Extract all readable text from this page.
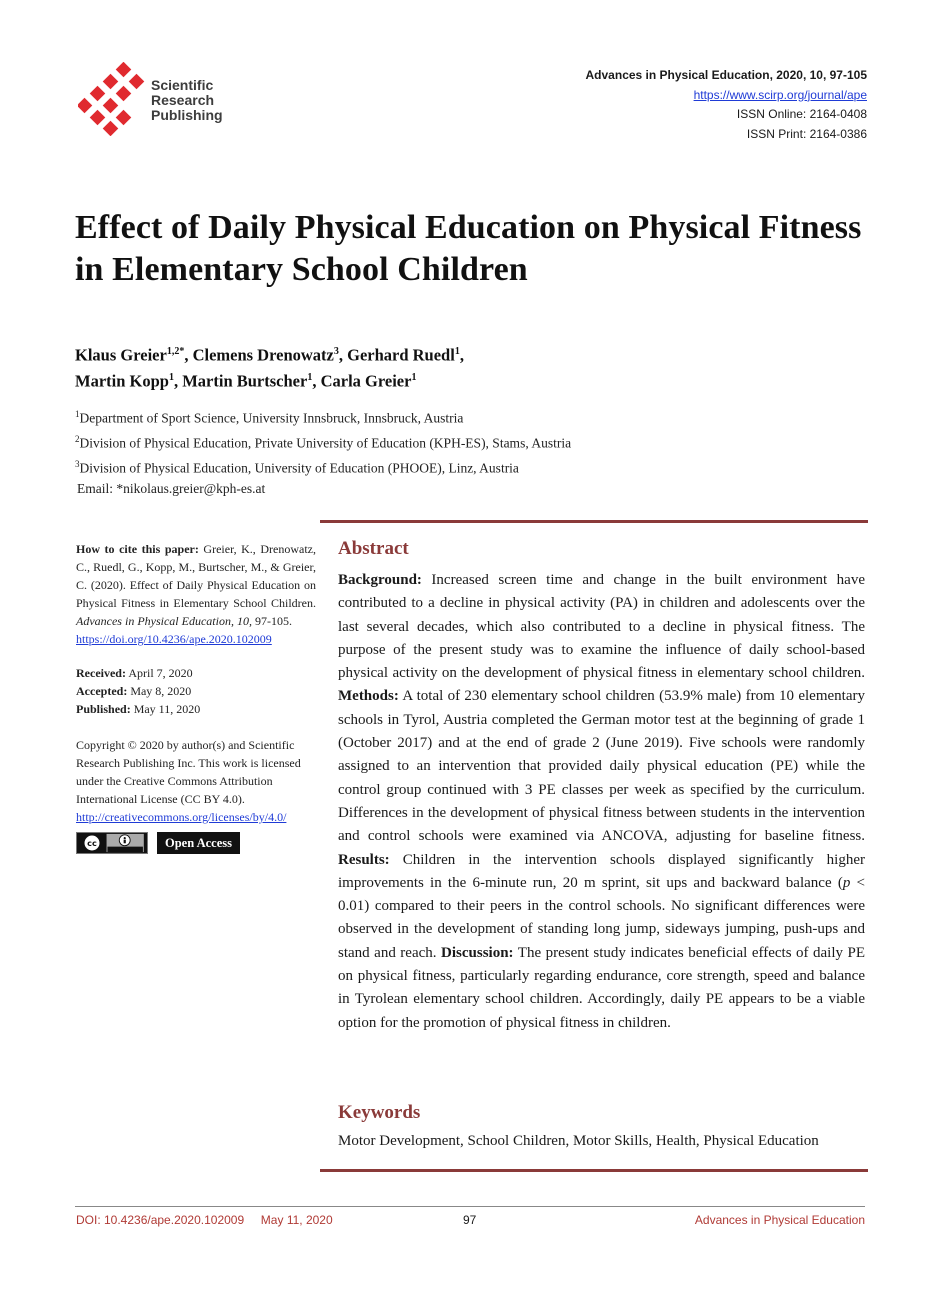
Scientific
Research
Publishing
Advances in Physical Education, 2020, 10, 97-105
https://www.scirp.org/journal/ape
ISSN Online: 2164-0408
ISSN Print: 2164-0386
Effect of Daily Physical Education on Physical Fitness in Elementary School Children

Klaus Greier$^{1,2*}$, Clemens Drenowatz$^3$, Gerhard Ruedl$^1$,
Martin Kopp$^1$, Martin Burtscher$^1$, Carla Greier$^1$

$^1$Department of Sport Science, University Innsbruck, Innsbruck, Austria
$^2$Division of Physical Education, Private University of Education (KPH-ES), Stams, Austria
$^3$Division of Physical Education, University of Education (PHOOE), Linz, Austria
Email: *nikolaus.greier@kph-es.at

How to cite this paper: Greier, K., Drenowatz, C., Ruedl, G., Kopp, M., Burtscher, M., & Greier, C. (2020). Effect of Daily Physical Education on Physical Fitness in Elementary School Children. Advances in Physical Education, 10, 97-105.
https://doi.org/10.4236/ape.2020.102009

Received: April 7, 2020
Accepted: May 8, 2020
Published: May 11, 2020

Copyright © 2020 by author(s) and Scientific Research Publishing Inc. This work is licensed under the Creative Commons Attribution International License (CC BY 4.0).
http://creativecommons.org/licenses/by/4.0/

cc	Open Access
Abstract

Background: Increased screen time and change in the built environment have contributed to a decline in physical activity (PA) in children and adolescents over the last several decades, which also contributed to a decline in physical fitness. The purpose of the present study was to examine the influence of daily school-based physical activity on the development of physical fitness in elementary school children. Methods: A total of 230 elementary school children (53.9% male) from 10 elementary schools in Tyrol, Austria completed the German motor test at the beginning of grade 1 (October 2017) and at the end of grade 2 (June 2019). Five schools were randomly assigned to an intervention that provided daily physical education (PE) while the control group continued with 3 PE classes per week as specified by the curriculum. Differences in the development of physical fitness between students in the intervention and control schools were examined via ANCOVA, adjusting for baseline fitness. Results: Children in the intervention schools displayed significantly higher improvements in the 6-minute run, 20 m sprint, sit ups and backward balance (p < 0.01) compared to their peers in the control schools. No significant differences were observed in the development of standing long jump, sideways jumping, push-ups and stand and reach. Discussion: The present study indicates beneficial effects of daily PE on physical fitness, particularly regarding endurance, core strength, speed and balance in Tyrolean elementary school children. Accordingly, daily PE appears to be a viable option for the promotion of physical fitness in children.

Keywords
Motor Development, School Children, Motor Skills, Health, Physical Education
DOI: 10.4236/ape.2020.102009     May 11, 2020	97	Advances in Physical Education
